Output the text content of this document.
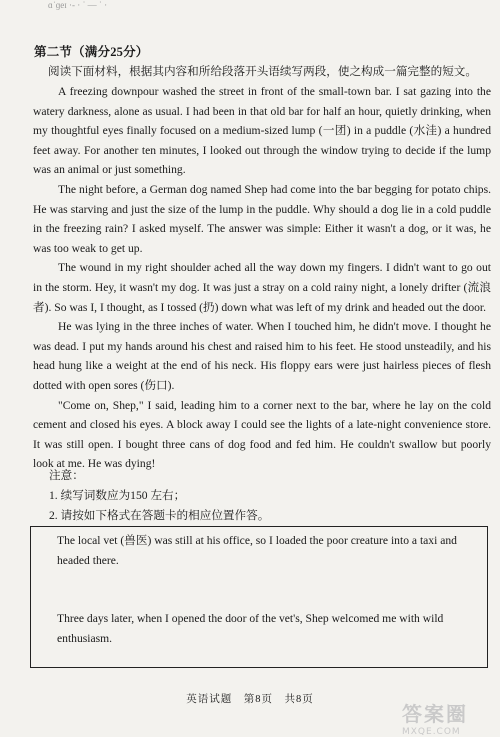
ɑˈɡeɪ ·- · ˙ — ˙ ·
第二节（满分25分）
阅读下面材料，根据其内容和所给段落开头语续写两段，使之构成一篇完整的短文。

A freezing downpour washed the street in front of the small-town bar. I sat gazing into the watery darkness, alone as usual. I had been in that old bar for half an hour, quietly drinking, when my thoughtful eyes finally focused on a medium-sized lump (一团) in a puddle (水洼) a hundred feet away. For another ten minutes, I looked out through the window trying to decide if the lump was an animal or just something.

The night before, a German dog named Shep had come into the bar begging for potato chips. He was starving and just the size of the lump in the puddle. Why should a dog lie in a cold puddle in the freezing rain? I asked myself. The answer was simple: Either it wasn't a dog, or it was, he was too weak to get up.

The wound in my right shoulder ached all the way down my fingers. I didn't want to go out in the storm. Hey, it wasn't my dog. It was just a stray on a cold rainy night, a lonely drifter (流浪者). So was I, I thought, as I tossed (扔) down what was left of my drink and headed out the door.

He was lying in the three inches of water. When I touched him, he didn't move. I thought he was dead. I put my hands around his chest and raised him to his feet. He stood unsteadily, and his head hung like a weight at the end of his neck. His floppy ears were just hairless pieces of flesh dotted with open sores (伤口).

"Come on, Shep," I said, leading him to a corner next to the bar, where he lay on the cold cement and closed his eyes. A block away I could see the lights of a late-night convenience store. It was still open. I bought three cans of dog food and fed him. He couldn't swallow but poorly look at me. He was dying!

注意：
1. 续写词数应为150 左右；
2. 请按如下格式在答题卡的相应位置作答。

The local vet (兽医) was still at his office, so I loaded the poor creature into a taxi and headed there.

Three days later, when I opened the door of the vet's, Shep welcomed me with wild enthusiasm.

英语试题　第8页　共8页
答案圈
MXQE.COM
